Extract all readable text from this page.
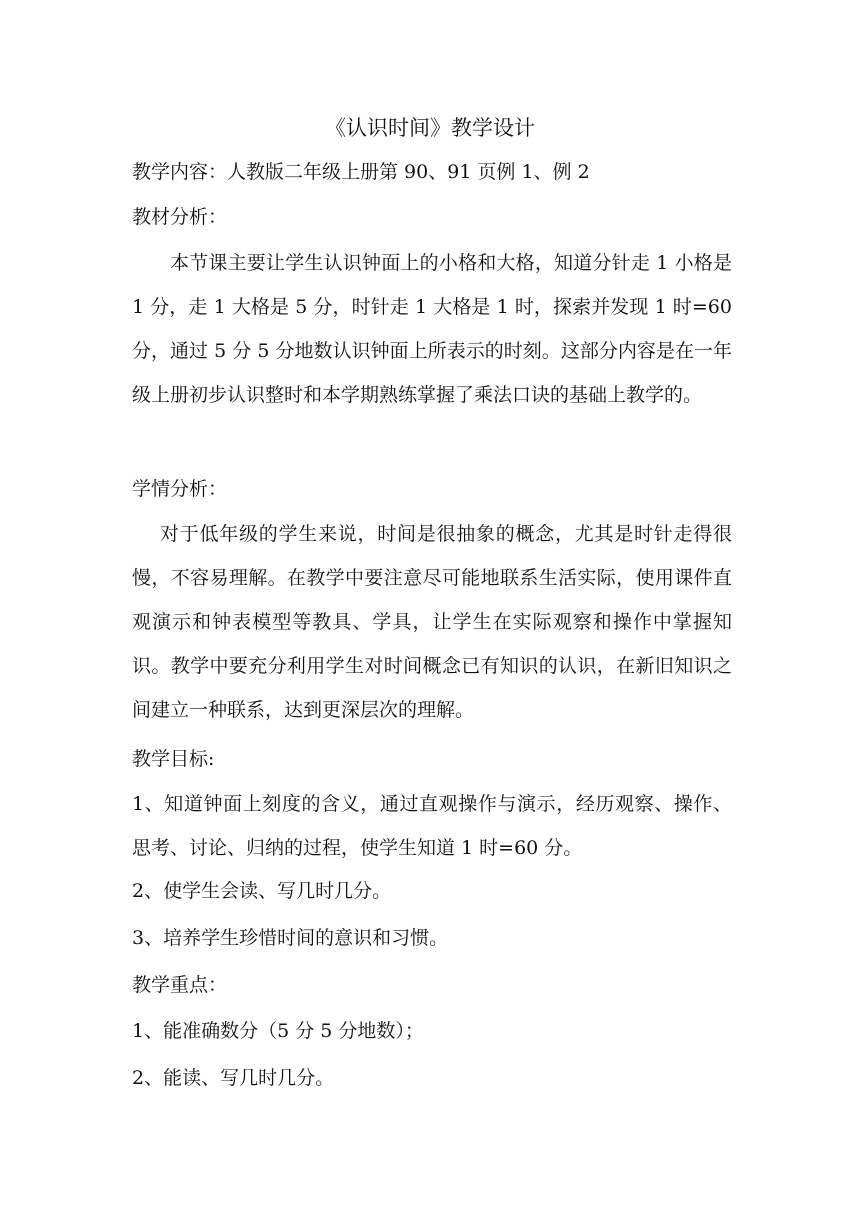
《认识时间》教学设计
教学内容：人教版二年级上册第 90、91 页例 1、例 2
教材分析：
本节课主要让学生认识钟面上的小格和大格，知道分针走 1 小格是 1 分，走 1 大格是 5 分，时针走 1 大格是 1 时，探索并发现 1 时=60 分，通过 5 分 5 分地数认识钟面上所表示的时刻。这部分内容是在一年级上册初步认识整时和本学期熟练掌握了乘法口诀的基础上教学的。
学情分析：
对于低年级的学生来说，时间是很抽象的概念，尤其是时针走得很慢，不容易理解。在教学中要注意尽可能地联系生活实际，使用课件直观演示和钟表模型等教具、学具，让学生在实际观察和操作中掌握知识。教学中要充分利用学生对时间概念已有知识的认识，在新旧知识之间建立一种联系，达到更深层次的理解。
教学目标:
1、知道钟面上刻度的含义，通过直观操作与演示，经历观察、操作、思考、讨论、归纳的过程，使学生知道 1 时=60 分。
2、使学生会读、写几时几分。
3、培养学生珍惜时间的意识和习惯。
教学重点：
1、能准确数分（5 分 5 分地数）；
2、能读、写几时几分。
